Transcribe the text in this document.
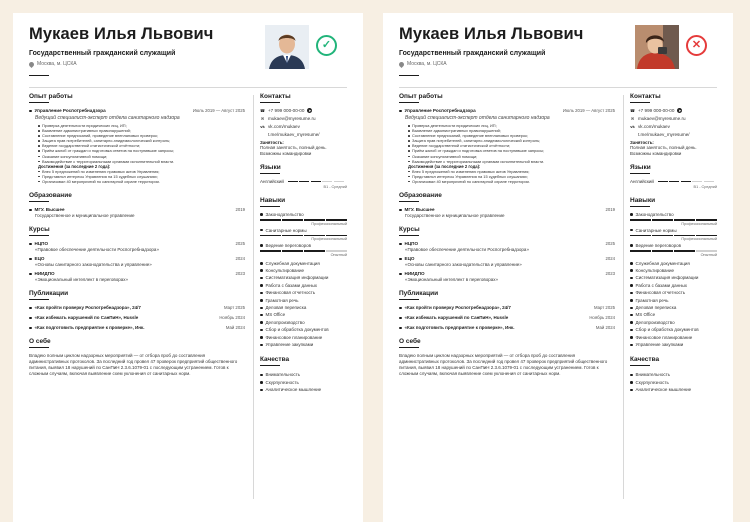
Мукаев Илья Львович
Государственный гражданский служащий
Москва, м. ЦСКА
✓
Опыт работы
Управление Роспотребнадзора	Июль 2019 — Август 2025
Ведущий специалист-эксперт отдела санитарного надзора
Проверка деятельности юридических лиц, ИП;
Выявление административных правонарушений;
Составление предписаний, проведение внеплановых проверок;
Защита прав потребителей, санитарно-эпидемиологический контроль;
Ведение государственной статистической отчётности;
Приём жалоб от граждан и подготовка ответов на поступившие запросы;
Оказание консультативной помощи;
Взаимодействие с территориальными органами исполнительной власти.
Достижения (за последние 2 года):
Внес 5 предложений по изменению правовых актов Управления;
Представлял интересы Управления на 15 судебных слушаниях;
Организовал 40 мероприятий по санитарной охране территории.
Образование
МГУ. Высшее	2019
Государственное и муниципальное управление
Курсы
НЦПО	2025
«Правовое обеспечение деятельности Роспотребнадзора»
ЕЦО	2024
«Основы санитарного законодательства и управление»
НИИДПО	2023
«Эмоциональный интеллект в переговорах»
Публикации
«Как пройти проверку Роспотребнадзора», 24/7	Март 2025
«Как избежать нарушений по СанПиН», Hussle	Ноябрь 2024
«Как подготовить предприятие к проверке», Инк.	Май 2024
О себе
Владею полным циклом надзорных мероприятий — от отбора проб до составления административных протоколов. За последний год провел 47 проверок предприятий общественного питания, выявил 18 нарушений по СанПиН 2.3.6.1079-01 с последующим устранением. Готов к сложным случаям, включая выявление схем уклонения от санитарных норм.
Контакты
☎ +7 999 000-00-00 ➤
✉ mukaev@myresume.ru
vk vk.com/mukaev
t.me/mukaev_myresume/
Занятость:
Полная занятость, полный день. Возможны командировки
Языки
Английский
B1 - Средний
Навыки
Законодательство
Профессиональный
Санитарные нормы
Профессиональный
Ведение переговоров
Опытный
Служебная документация
Консультирование
Систематизация информации
Работа с базами данных
Финансовая отчетность
Грамотная речь
Деловая переписка
MS Office
Делопроизводство
Сбор и обработка документов
Финансовое планирование
Управление закупками
Качества
Внимательность
Скурпулезность
Аналитическое мышление
Мукаев Илья Львович
Государственный гражданский служащий
Москва, м. ЦСКА
✕
Опыт работы
Управление Роспотребнадзора	Июль 2019 — Август 2025
Ведущий специалист-эксперт отдела санитарного надзора
Проверка деятельности юридических лиц, ИП;
Выявление административных правонарушений;
Составление предписаний, проведение внеплановых проверок;
Защита прав потребителей, санитарно-эпидемиологический контроль;
Ведение государственной статистической отчётности;
Приём жалоб от граждан и подготовка ответов на поступившие запросы;
Оказание консультативной помощи;
Взаимодействие с территориальными органами исполнительной власти.
Достижения (за последние 2 года):
Внес 5 предложений по изменению правовых актов Управления;
Представлял интересы Управления на 15 судебных слушаниях;
Организовал 40 мероприятий по санитарной охране территории.
Образование
МГУ. Высшее	2019
Государственное и муниципальное управление
Курсы
НЦПО	2025
«Правовое обеспечение деятельности Роспотребнадзора»
ЕЦО	2024
«Основы санитарного законодательства и управление»
НИИДПО	2023
«Эмоциональный интеллект в переговорах»
Публикации
«Как пройти проверку Роспотребнадзора», 24/7	Март 2025
«Как избежать нарушений по СанПиН», Hussle	Ноябрь 2024
«Как подготовить предприятие к проверке», Инк.	Май 2024
О себе
Владею полным циклом надзорных мероприятий — от отбора проб до составления административных протоколов. За последний год провел 47 проверок предприятий общественного питания, выявил 18 нарушений по СанПиН 2.3.6.1079-01 с последующим устранением. Готов к сложным случаям, включая выявление схем уклонения от санитарных норм.
Контакты
☎ +7 999 000-00-00 ➤
✉ mukaev@myresume.ru
vk vk.com/mukaev
t.me/mukaev_myresume/
Занятость:
Полная занятость, полный день. Возможны командировки
Языки
Английский
B1 - Средний
Навыки
Законодательство
Профессиональный
Санитарные нормы
Профессиональный
Ведение переговоров
Опытный
Служебная документация
Консультирование
Систематизация информации
Работа с базами данных
Финансовая отчетность
Грамотная речь
Деловая переписка
MS Office
Делопроизводство
Сбор и обработка документов
Финансовое планирование
Управление закупками
Качества
Внимательность
Скурпулезность
Аналитическое мышление
